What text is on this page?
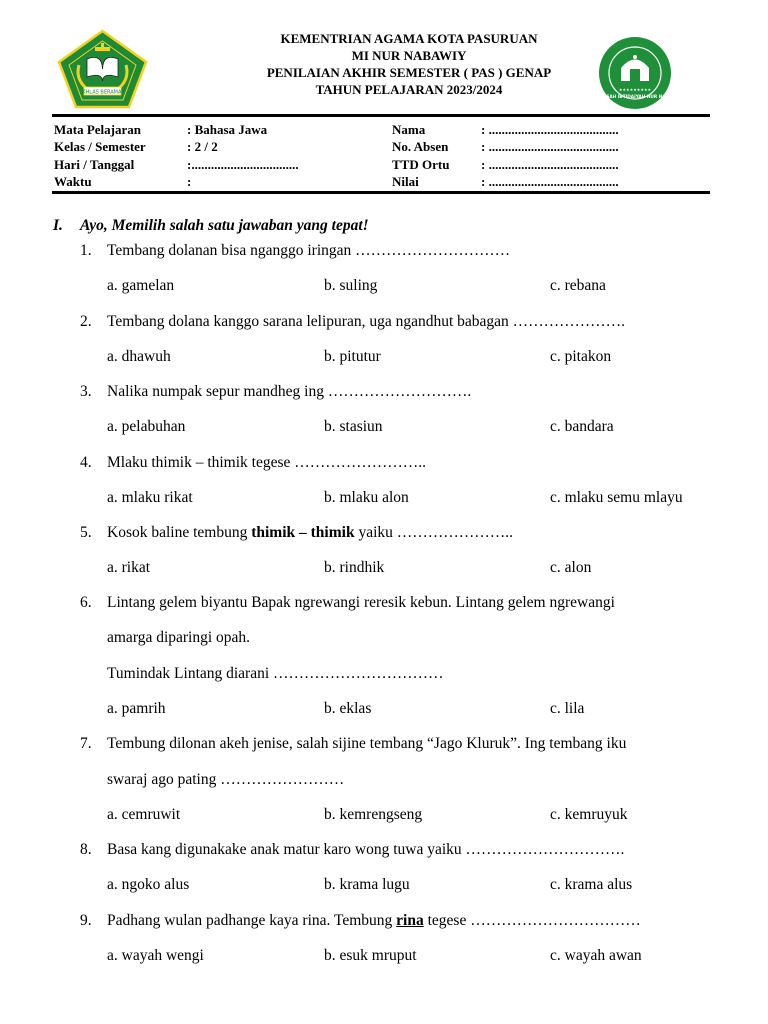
IKHLAS BERAMAL	★★★★★★★★★
MADRASAH IBTIDAIYAH NUR NABAWIY
KEMENTRIAN AGAMA KOTA PASURUAN
MI NUR NABAWIY
PENILAIAN AKHIR SEMESTER ( PAS ) GENAP
TAHUN PELAJARAN 2023/2024
Mata Pelajaran	: Bahasa Jawa
Kelas / Semester	: 2 / 2
Hari / Tanggal	:.................................
Waktu	:
Nama	: ........................................
No. Absen	: ........................................
TTD Ortu	: ........................................
Nilai	: ........................................
I. Ayo, Memilih salah satu jawaban yang tepat!
1. Tembang dolanan bisa nganggo iringan …………………………
a. gamelan	b. suling	c. rebana
2. Tembang dolana kanggo sarana lelipuran, uga ngandhut babagan ………………….
a. dhawuh	b. pitutur	c. pitakon
3. Nalika numpak sepur mandheg ing ……………………….
a. pelabuhan	b. stasiun	c. bandara
4. Mlaku thimik – thimik tegese ……………………..
a. mlaku rikat	b. mlaku alon	c. mlaku semu mlayu
5. Kosok baline tembung thimik – thimik yaiku …………………..
a. rikat	b. rindhik	c. alon
6. Lintang gelem biyantu Bapak ngrewangi reresik kebun. Lintang gelem ngrewangi
amarga diparingi opah.
Tumindak Lintang diarani ……………………………
a. pamrih	b. eklas	c. lila
7. Tembung dilonan akeh jenise, salah sijine tembang “Jago Kluruk”. Ing tembang iku
swaraj ago pating ……………………
a. cemruwit	b. kemrengseng	c. kemruyuk
8. Basa kang digunakake anak matur karo wong tuwa yaiku ………………………….
a. ngoko alus	b. krama lugu	c. krama alus
9. Padhang wulan padhange kaya rina. Tembung rina tegese ……………………………
a. wayah wengi	b. esuk mruput	c. wayah awan
